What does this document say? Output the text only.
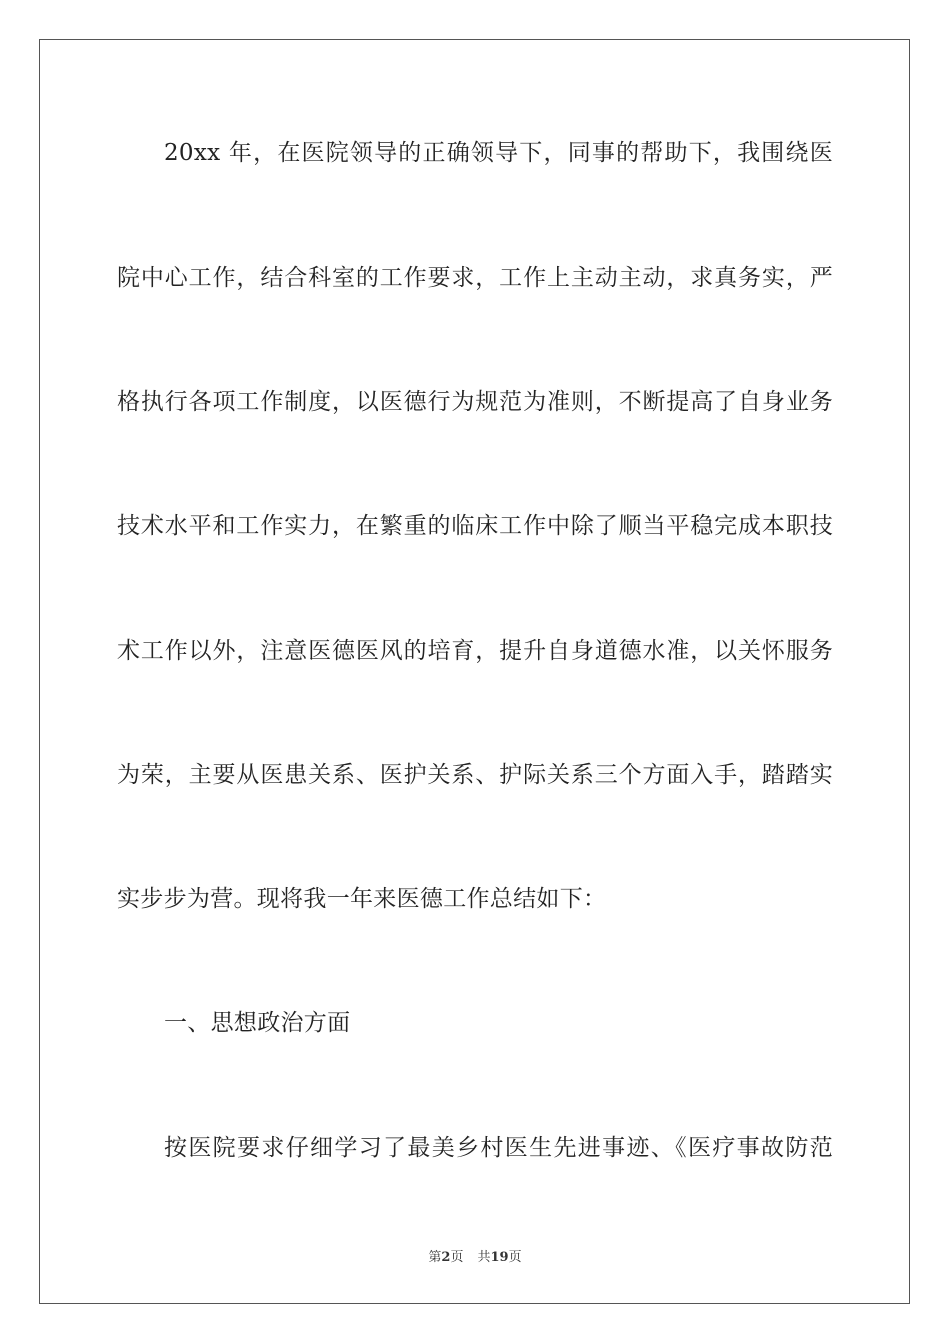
20xx 年，在医院领导的正确领导下，同事的帮助下，我围绕医
院中心工作，结合科室的工作要求，工作上主动主动，求真务实，严
格执行各项工作制度，以医德行为规范为准则，不断提高了自身业务
技术水平和工作实力，在繁重的临床工作中除了顺当平稳完成本职技
术工作以外，注意医德医风的培育，提升自身道德水准，以关怀服务
为荣，主要从医患关系、医护关系、护际关系三个方面入手，踏踏实
实步步为营。现将我一年来医德工作总结如下：
一、思想政治方面
按医院要求仔细学习了最美乡村医生先进事迹、《医疗事故防范
第2页 共19页
